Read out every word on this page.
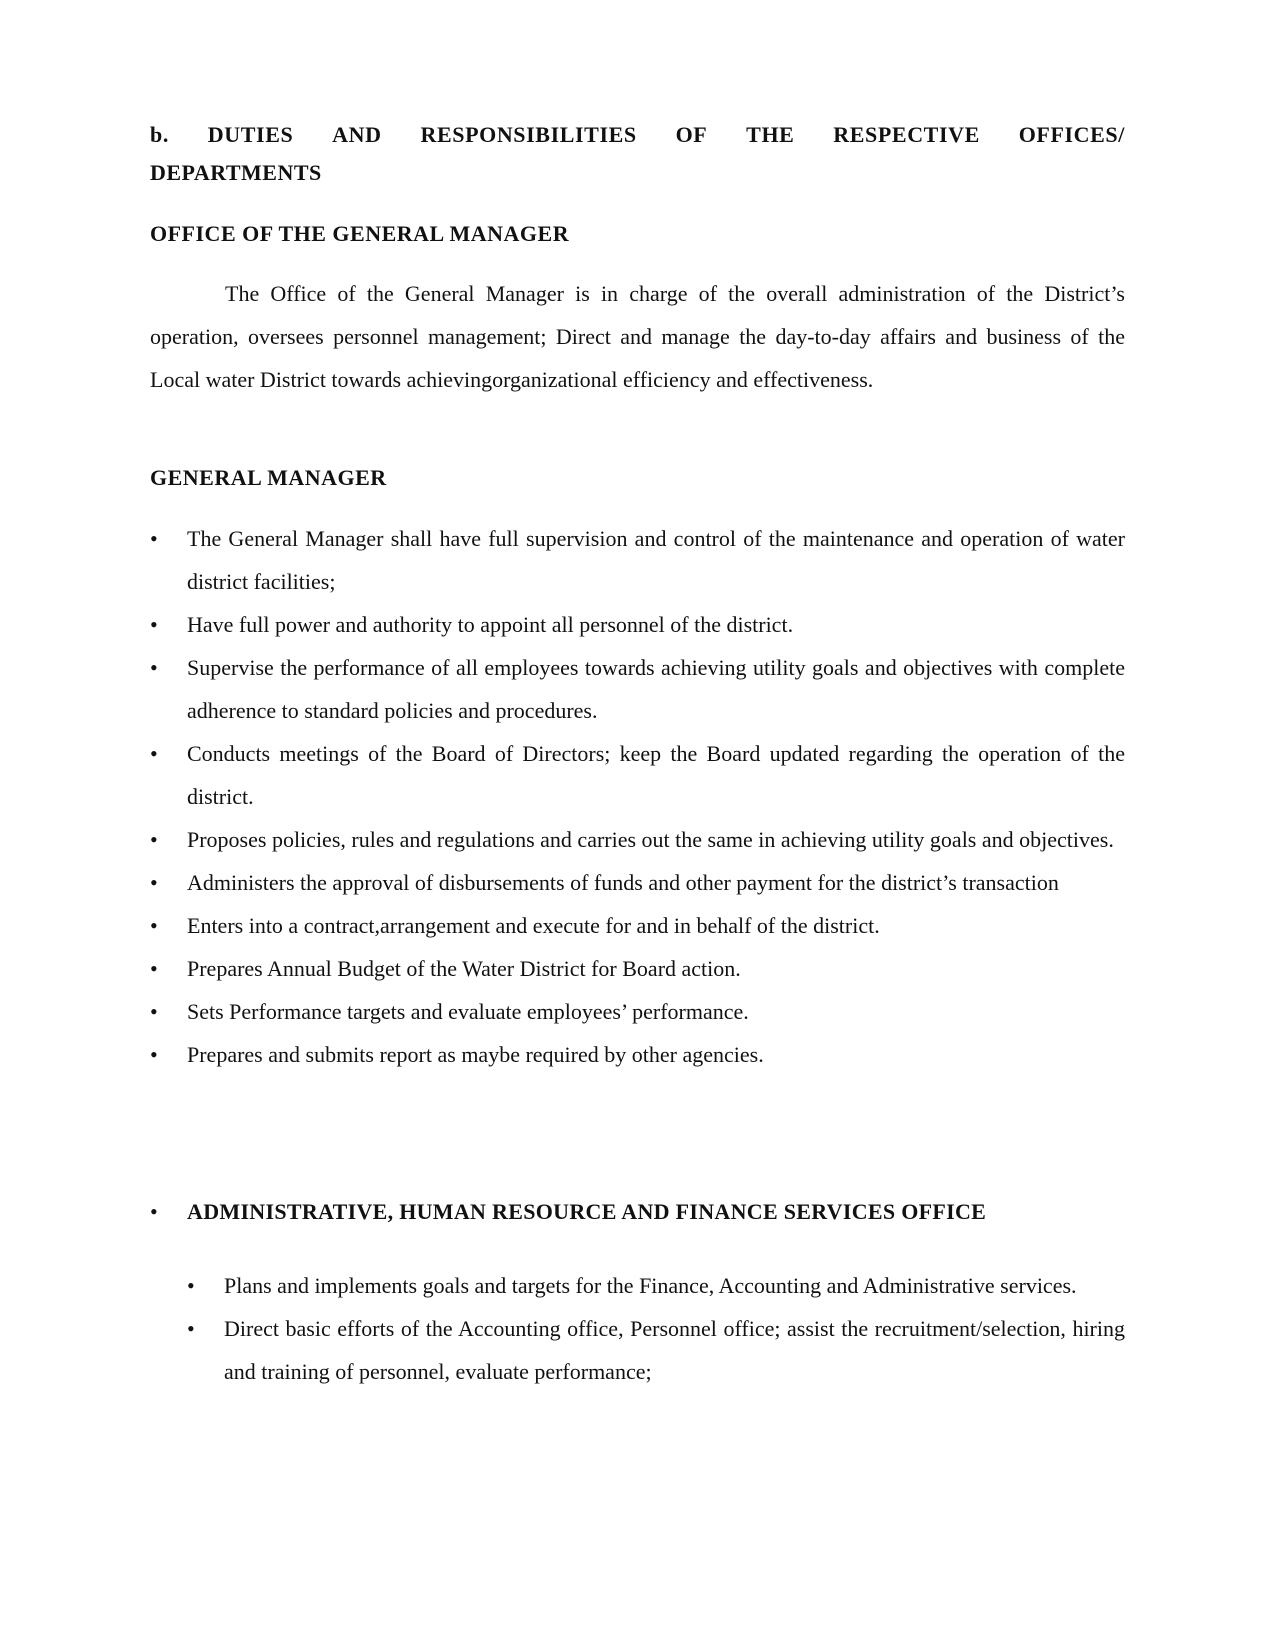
b. DUTIES AND RESPONSIBILITIES OF THE RESPECTIVE OFFICES/
DEPARTMENTS
OFFICE OF THE GENERAL MANAGER
The Office of the General Manager is in charge of the overall administration of the District’s operation, oversees personnel management; Direct and manage the day-to-day affairs and business of the Local water District towards achievingorganizational efficiency and effectiveness.
GENERAL MANAGER
•	The General Manager shall have full supervision and control of the maintenance and operation of water district facilities;
•	Have full power and authority to appoint all personnel of the district.
•	Supervise the performance of all employees towards achieving utility goals and objectives with complete adherence to standard policies and procedures.
•	Conducts meetings of the Board of Directors; keep the Board updated regarding the operation of the district.
•	Proposes policies, rules and regulations and carries out the same in achieving utility goals and objectives.
•	Administers the approval of disbursements of funds and other payment for the district’s transaction
•	Enters into a contract,arrangement and execute for and in behalf of the district.
•	Prepares Annual Budget of the Water District for Board action.
•	Sets Performance targets and evaluate employees’ performance.
•	Prepares and submits report as maybe required by other agencies.
•	ADMINISTRATIVE, HUMAN RESOURCE AND FINANCE SERVICES OFFICE
•	Plans and implements goals and targets for the Finance, Accounting and Administrative services.
•	Direct basic efforts of the Accounting office, Personnel office; assist the recruitment/selection, hiring and training of personnel, evaluate performance;
